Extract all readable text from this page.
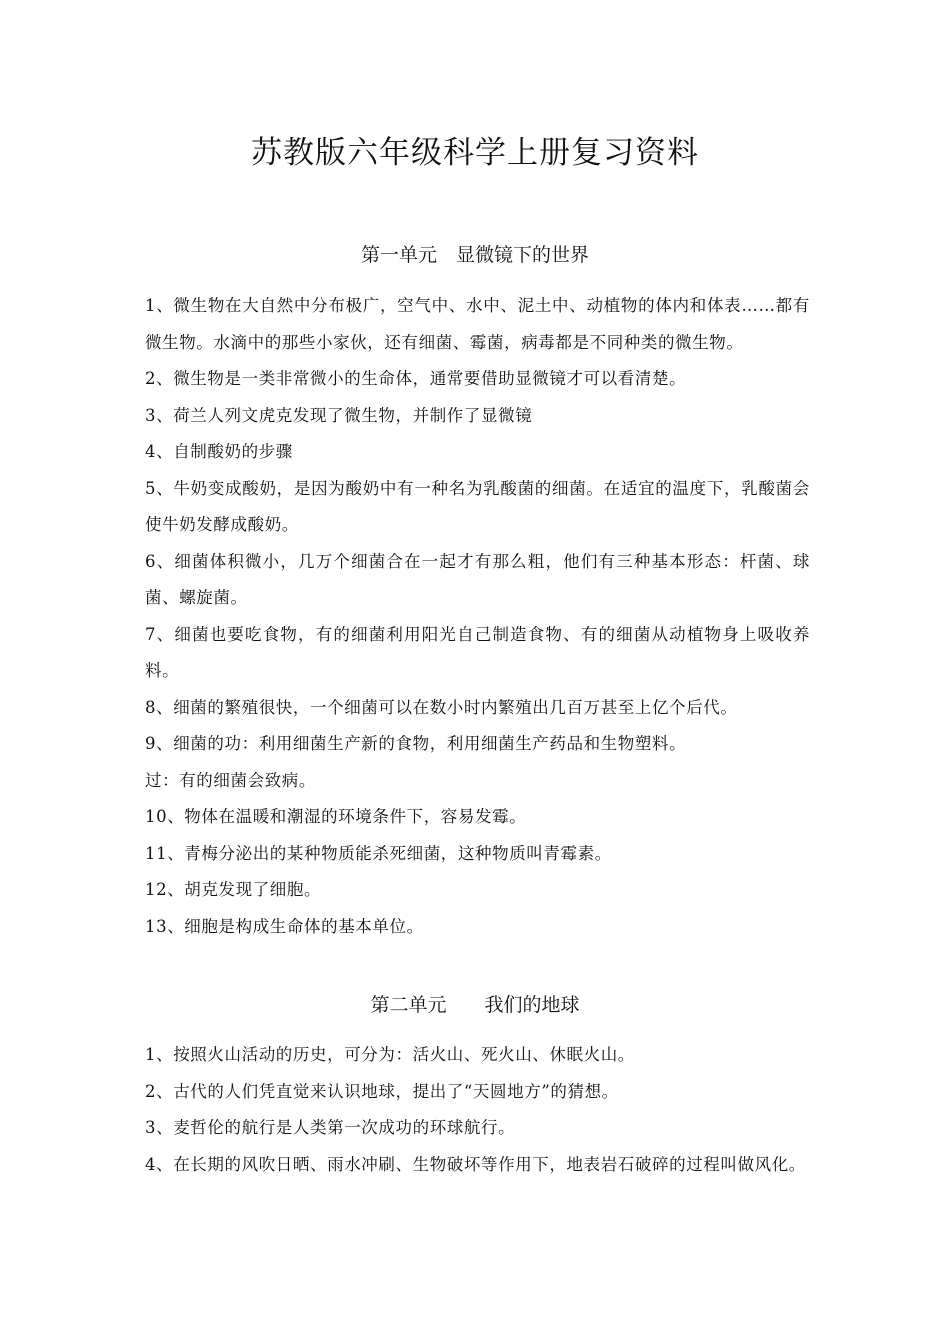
苏教版六年级科学上册复习资料
第一单元　显微镜下的世界

1、微生物在大自然中分布极广，空气中、水中、泥土中、动植物的体内和体表……都有微生物。水滴中的那些小家伙，还有细菌、霉菌，病毒都是不同种类的微生物。

2、微生物是一类非常微小的生命体，通常要借助显微镜才可以看清楚。

3、荷兰人列文虎克发现了微生物，并制作了显微镜

4、自制酸奶的步骤

5、牛奶变成酸奶，是因为酸奶中有一种名为乳酸菌的细菌。在适宜的温度下，乳酸菌会使牛奶发酵成酸奶。

6、细菌体积微小，几万个细菌合在一起才有那么粗，他们有三种基本形态：杆菌、球菌、螺旋菌。

7、细菌也要吃食物，有的细菌利用阳光自己制造食物、有的细菌从动植物身上吸收养料。

8、细菌的繁殖很快，一个细菌可以在数小时内繁殖出几百万甚至上亿个后代。

9、细菌的功：利用细菌生产新的食物，利用细菌生产药品和生物塑料。

过：有的细菌会致病。

10、物体在温暖和潮湿的环境条件下，容易发霉。

11、青梅分泌出的某种物质能杀死细菌，这种物质叫青霉素。

12、胡克发现了细胞。

13、细胞是构成生命体的基本单位。

第二单元　　我们的地球

1、按照火山活动的历史，可分为：活火山、死火山、休眠火山。

2、古代的人们凭直觉来认识地球，提出了“天圆地方”的猜想。

3、麦哲伦的航行是人类第一次成功的环球航行。

4、在长期的风吹日晒、雨水冲刷、生物破坏等作用下，地表岩石破碎的过程叫做风化。
